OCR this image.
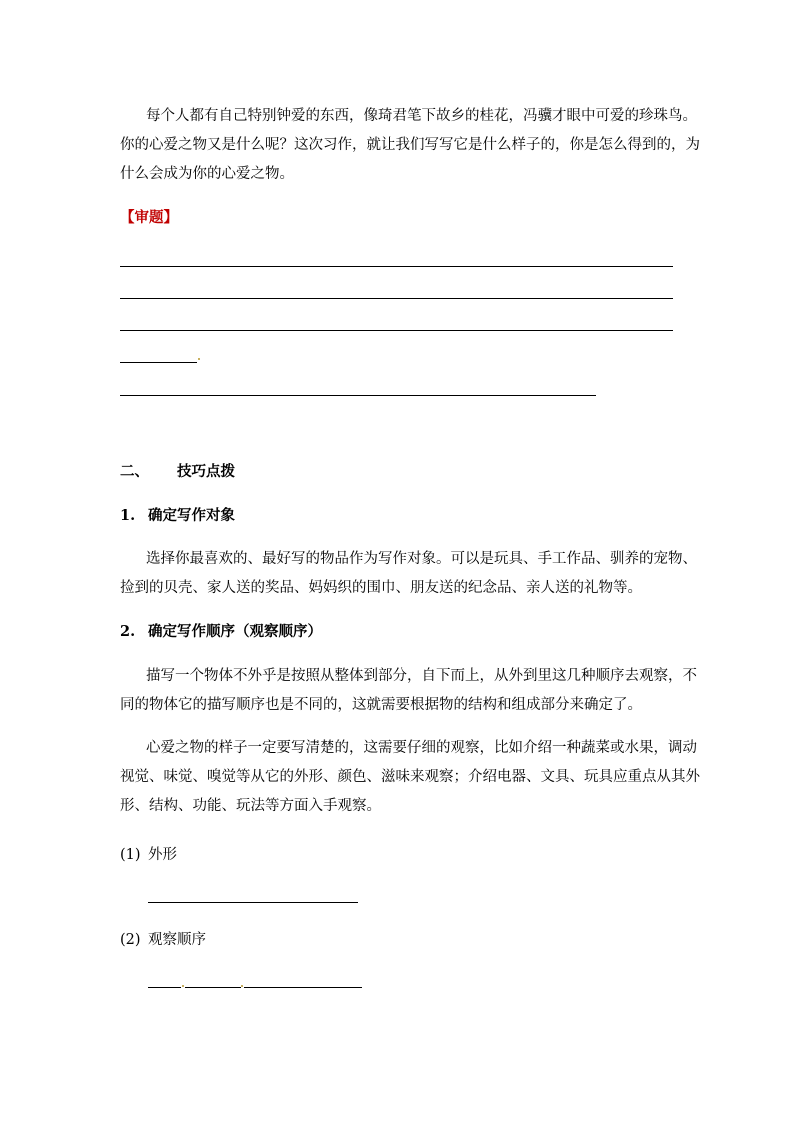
每个人都有自己特别钟爱的东西，像琦君笔下故乡的桂花，冯骥才眼中可爱的珍珠鸟。
你的心爱之物又是什么呢？这次习作，就让我们写写它是什么样子的，你是怎么得到的，为
什么会成为你的心爱之物。
【审题】
二、 技巧点拨
1. 确定写作对象
选择你最喜欢的、最好写的物品作为写作对象。可以是玩具、手工作品、驯养的宠物、
捡到的贝壳、家人送的奖品、妈妈织的围巾、朋友送的纪念品、亲人送的礼物等。
2. 确定写作顺序（观察顺序）
描写一个物体不外乎是按照从整体到部分，自下而上，从外到里这几种顺序去观察，不
同的物体它的描写顺序也是不同的，这就需要根据物的结构和组成部分来确定了。
心爱之物的样子一定要写清楚的，这需要仔细的观察，比如介绍一种蔬菜或水果，调动
视觉、味觉、嗅觉等从它的外形、颜色、滋味来观察；介绍电器、文具、玩具应重点从其外
形、结构、功能、玩法等方面入手观察。
(1) 外形
(2) 观察顺序
